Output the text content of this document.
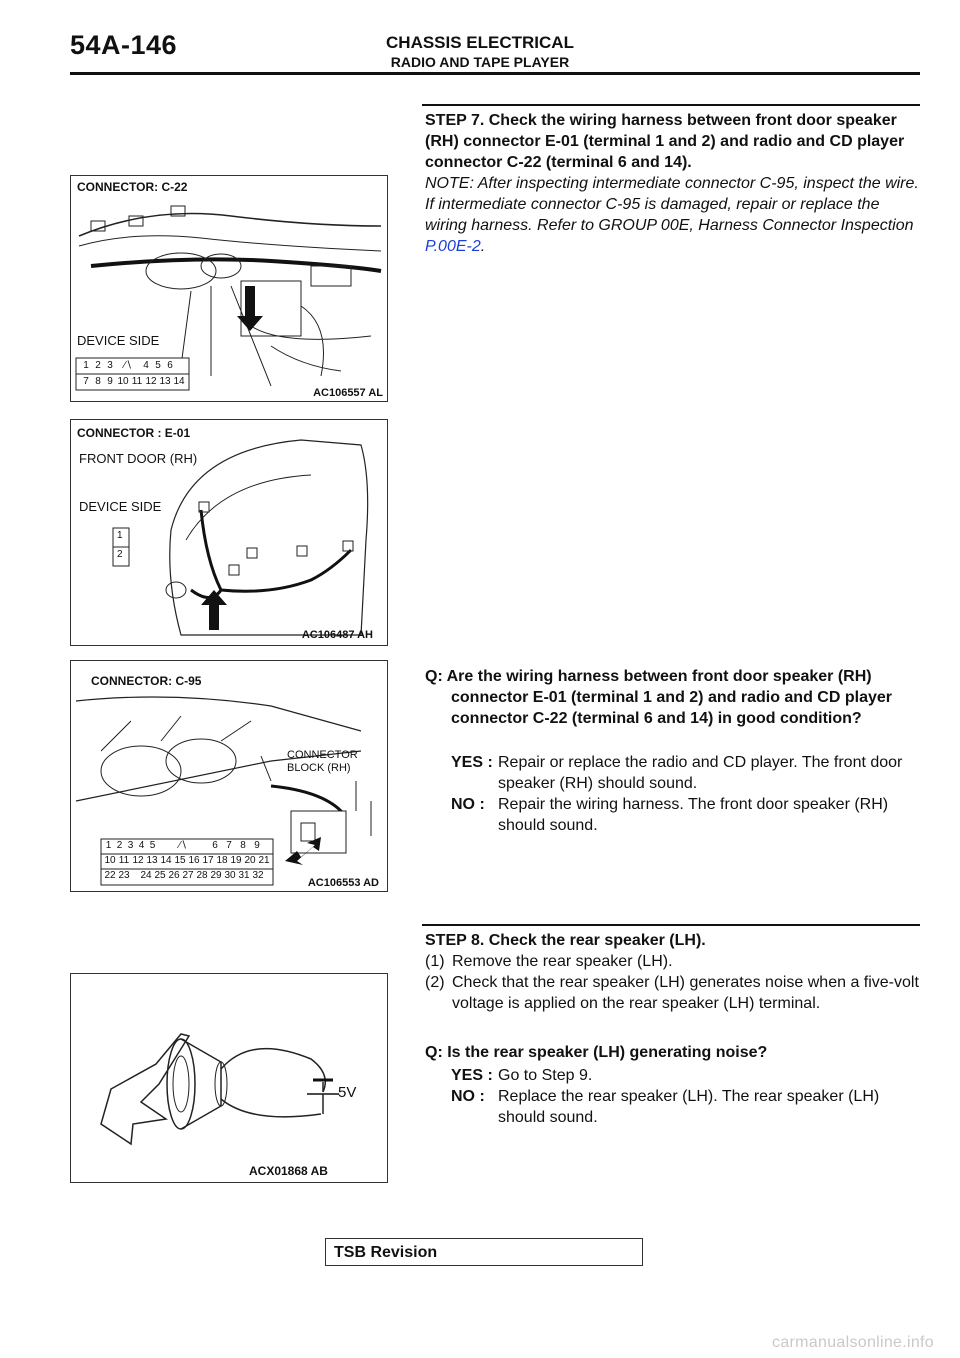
54A-146	CHASSIS ELECTRICAL
RADIO AND TAPE PLAYER
STEP 7. Check the wiring harness between front door speaker (RH) connector E-01 (terminal 1 and 2) and radio and CD player connector C-22 (terminal 6 and 14).
NOTE: After inspecting intermediate connector C-95, inspect the wire. If intermediate connector C-95 is damaged, repair or replace the wiring harness. Refer to GROUP 00E, Harness Connector Inspection P.00E-2.
CONNECTOR: C-22
DEVICE SIDE
1 2 3	⁄∖	4 5 6
7 8 9 10 11 12 13 14
AC106557 AL
CONNECTOR : E-01
FRONT DOOR (RH)
DEVICE SIDE
1
2
AC106487 AH
CONNECTOR: C-95
CONNECTOR
BLOCK (RH)
1 2 3 4 5	⁄∖	6 7 8 9
10 11 12 13 14 15 16 17 18 19 20 21
22 23 24 25 26 27 28 29 30 31 32
AC106553 AD
Q: Are the wiring harness between front door speaker (RH) connector E-01 (terminal 1 and 2) and radio and CD player connector C-22 (terminal 6 and 14) in good condition?
YES :	Repair or replace the radio and CD player. The front door speaker (RH) should sound.
NO :	Repair the wiring harness. The front door speaker (RH) should sound.
STEP 8. Check the rear speaker (LH).
(1) Remove the rear speaker (LH).
(2) Check that the rear speaker (LH) generates noise when a five-volt voltage is applied on the rear speaker (LH) terminal.
Q: Is the rear speaker (LH) generating noise?
YES :	Go to Step 9.
NO :	Replace the rear speaker (LH). The rear speaker (LH) should sound.
5V
ACX01868 AB
TSB Revision
carmanualsonline.info
